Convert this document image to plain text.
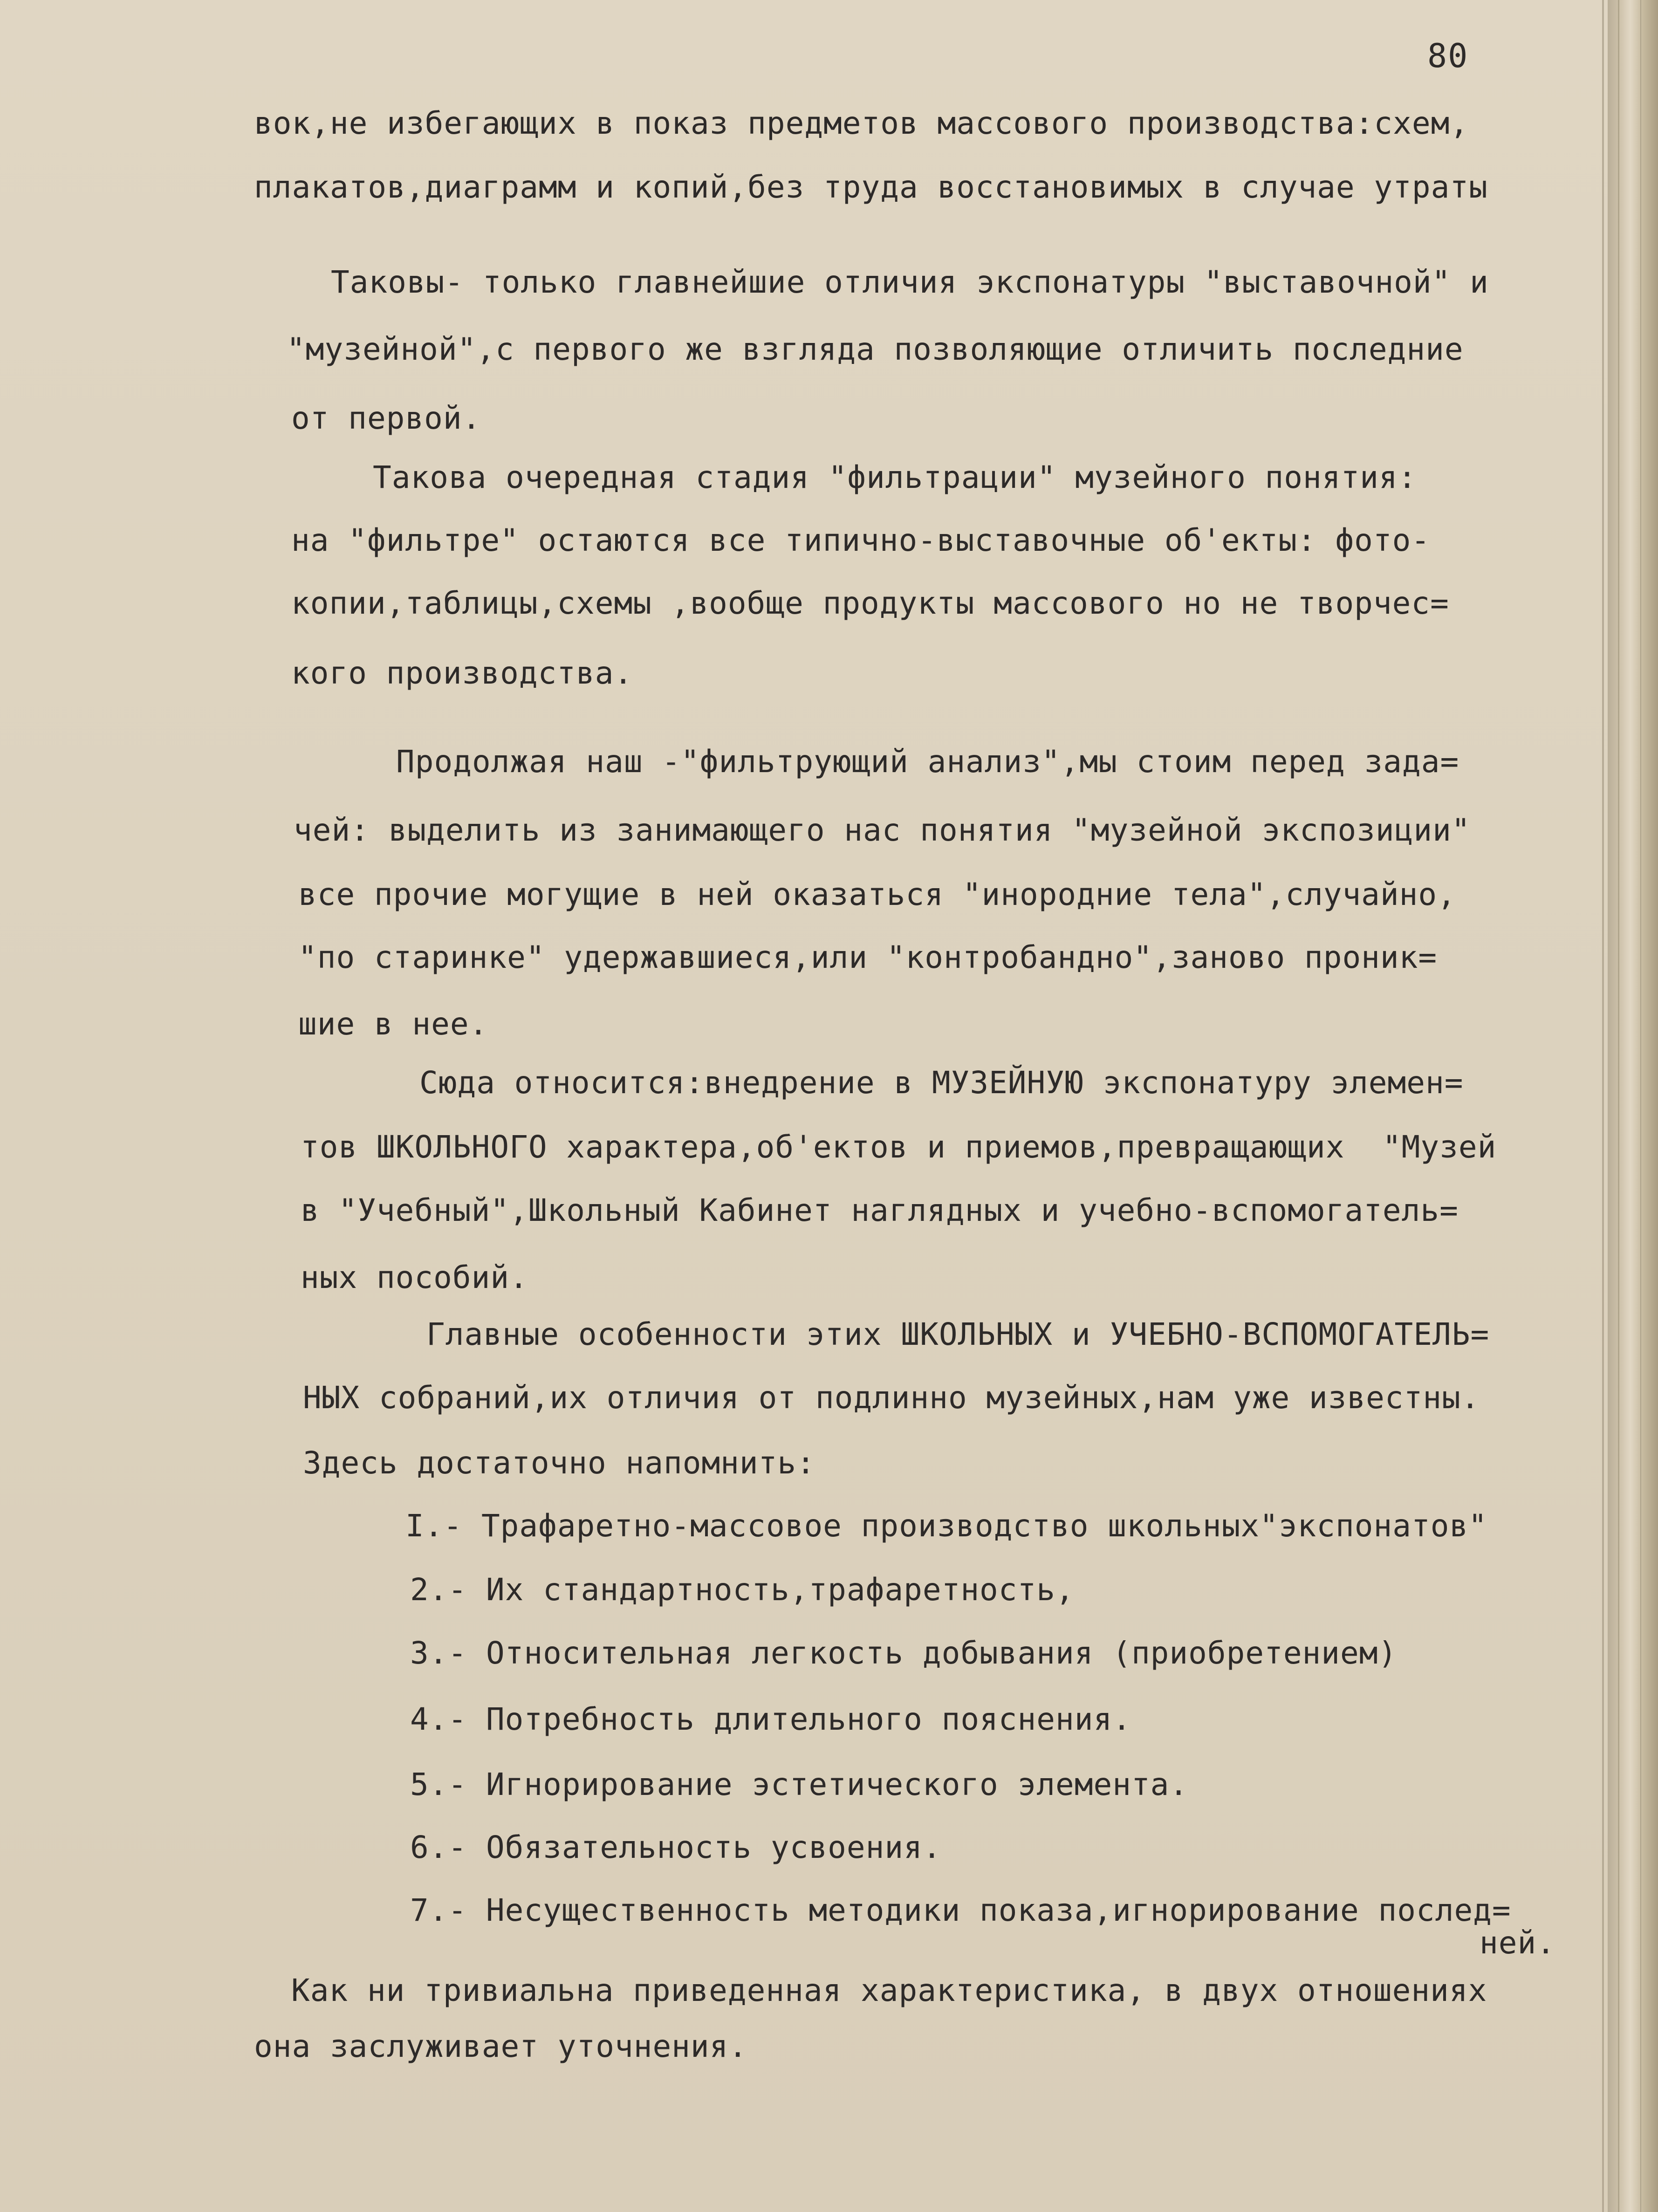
80
вок,не избегающих в показ предметов массового производства:схем,
плакатов,диаграмм и копий,без труда восстановимых в случае утраты
Таковы- только главнейшие отличия экспонатуры "выставочной" и
"музейной",с первого же взгляда позволяющие отличить последние
от первой.
Такова очередная стадия "фильтрации" музейного понятия:
на "фильтре" остаются все типично-выставочные об'екты: фото-
копии,таблицы,схемы ,вообще продукты массового но не творчес=
кого производства.
Продолжая наш -"фильтрующий анализ",мы стоим перед зада=
чей: выделить из занимающего нас понятия "музейной экспозиции"
все прочие могущие в ней оказаться "инородние тела",случайно,
"по старинке" удержавшиеся,или "контробандно",заново проник=
шие в нее.
Сюда относится:внедрение в МУЗЕЙНУЮ экспонатуру элемен=
тов ШКОЛЬНОГО характера,об'ектов и приемов,превращающих  "Музей
в "Учебный",Школьный Кабинет наглядных и учебно-вспомогатель=
ных пособий.
Главные особенности этих ШКОЛЬНЫХ и УЧЕБНО-ВСПОМОГАТЕЛЬ=
НЫХ собраний,их отличия от подлинно музейных,нам уже известны.
Здесь достаточно напомнить:
I.- Трафаретно-массовое производство школьных"экспонатов"
2.- Их стандартность,трафаретность,
3.- Относительная легкость добывания (приобретением)
4.- Потребность длительного пояснения.
5.- Игнорирование эстетического элемента.
6.- Обязательность усвоения.
7.- Несущественность методики показа,игнорирование послед=
ней.
Как ни тривиальна приведенная характеристика, в двух отношениях
она заслуживает уточнения.
